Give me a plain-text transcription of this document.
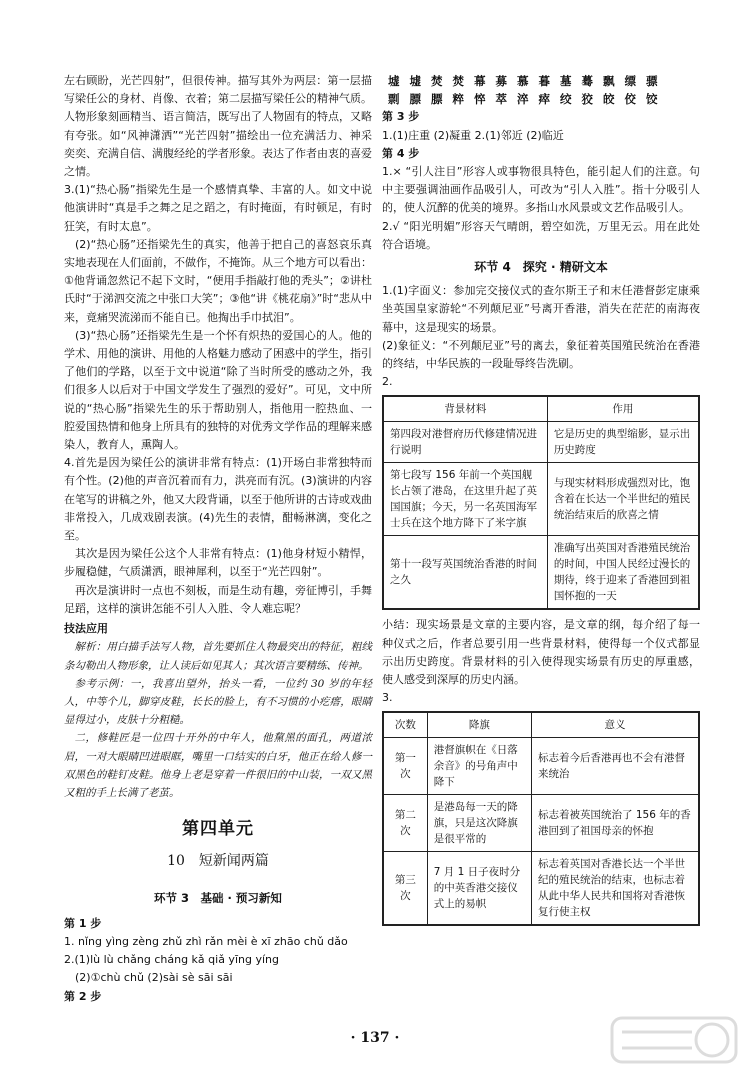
左右顾盼，光芒四射”，但很传神。描写其外为两层：第一层描写梁任公的身材、肖像、衣着；第二层描写梁任公的精神气质。人物形象刻画精当、语言简洁，既写出了人物固有的特点，又略有夸张。如“风神潇洒”“光芒四射”描绘出一位充满活力、神采奕奕、充满自信、满腹经纶的学者形象。表达了作者由衷的喜爱之情。

3.(1)“热心肠”指梁先生是一个感情真挚、丰富的人。如文中说他演讲时“真是手之舞之足之蹈之，有时掩面，有时顿足，有时狂笑，有时太息”。

(2)“热心肠”还指梁先生的真实，他善于把自己的喜怒哀乐真实地表现在人们面前，不做作，不掩饰。从三个地方可以看出：①他背诵忽然记不起下文时，“便用手指敲打他的秃头”；②讲杜氏时“于涕泗交流之中张口大笑”；③他“讲《桃花扇》”时“悲从中来，竟痛哭流涕而不能自已。他掏出手巾拭泪”。

(3)“热心肠”还指梁先生是一个怀有炽热的爱国心的人。他的学术、用他的演讲、用他的人格魅力感动了困惑中的学生，指引了他们的学路，以至于文中说道“除了当时所受的感动之外，我们很多人以后对于中国文学发生了强烈的爱好”。可见，文中所说的“热心肠”指梁先生的乐于帮助别人，指他用一腔热血、一腔爱国热情和他身上所具有的独特的对优秀文学作品的理解来感染人，教育人，熏陶人。

4.首先是因为梁任公的演讲非常有特点：(1)开场白非常独特而有个性。(2)他的声音沉着而有力，洪亮而有沉。(3)演讲的内容在笔写的讲稿之外，他又大段背诵，以至于他所讲的古诗或戏曲非常投入，几成戏剧表演。(4)先生的表情，酣畅淋漓，变化之至。

其次是因为梁任公这个人非常有特点：(1)他身材短小精悍，步履稳健，气质潇洒，眼神犀利，以至于“光芒四射”。

再次是演讲时一点也不刻板，而是生动有趣，旁征博引，手舞足蹈，这样的演讲怎能不引人入胜、令人难忘呢？

技法应用

解析：用白描手法写人物，首先要抓住人物最突出的特征，粗线条勾勒出人物形象，让人读后如见其人；其次语言要精练、传神。

参考示例：一，我喜出望外，抬头一看，一位约 30 岁的年轻人，中等个儿，脚穿皮鞋，长长的脸上，有不习惯的小疙瘩，眼睛显得过小，皮肤十分粗糙。

二，修鞋匠是一位四十开外的中年人，他黧黑的面孔，两道浓眉，一对大眼睛凹进眼眶，嘴里一口结实的白牙，他正在给人修一双黑色的鞋钉皮鞋。他身上老是穿着一件很旧的中山装，一双又黑又粗的手上长满了老茧。

第四单元
10　短新闻两篇
环节 3　基础 · 预习新知

第 1 步

1. nǐng yìng zèng zhǔ zhì rǎn mèi è xī zhāo chǔ dǎo

2.(1)lù lù chǎng cháng kǎ qiǎ yīng yíng

(2)①chù chǔ (2)sài sè sāi sāi

第 2 步

墟 墟 焚 焚 幕 募 慕 暮 墓 蓦 飘 缥 骠

剽 膘 膘 粹 悴 萃 淬 瘁 绞 狡 皎 佼 饺

第 3 步

1.(1)庄重 (2)凝重 2.(1)邻近 (2)临近

第 4 步

1.× “引人注目”形容人或事物很具特色，能引起人们的注意。句中主要强调油画作品吸引人，可改为“引人入胜”。指十分吸引人的，使人沉醉的优美的境界。多指山水风景或文艺作品吸引人。

2.√ “阳光明媚”形容天气晴朗，碧空如洗，万里无云。用在此处符合语境。

环节 4　探究 · 精研文本

1.(1)字面义：参加完交接仪式的查尔斯王子和末任港督彭定康乘坐英国皇家游轮“不列颠尼亚”号离开香港，消失在茫茫的南海夜幕中，这是现实的场景。

(2)象征义：“不列颠尼亚”号的离去，象征着英国殖民统治在香港的终结，中华民族的一段耻辱终告洗刷。

2.

背景材料	作用
第四段对港督府历代修建情况进行说明	它是历史的典型缩影，显示出历史跨度
第七段写 156 年前一个英国舰长占领了港岛，在这里升起了英国国旗；今天，另一名英国海军士兵在这个地方降下了米字旗	与现实材料形成强烈对比，饱含着在长达一个半世纪的殖民统治结束后的欣喜之情
第十一段写英国统治香港的时间之久	准确写出英国对香港殖民统治的时间，中国人民经过漫长的期待，终于迎来了香港回到祖国怀抱的一天

小结：现实场景是文章的主要内容，是文章的纲，每介绍了每一种仪式之后，作者总要引用一些背景材料，使得每一个仪式都显示出历史跨度。背景材料的引入使得现实场景有历史的厚重感，使人感受到深厚的历史内涵。

3.

次数	降旗	意义
第一次	港督旗帜在《日落余音》的号角声中降下	标志着今后香港再也不会有港督来统治
第二次	是港岛每一天的降旗，只是这次降旗是很平常的	标志着被英国统治了 156 年的香港回到了祖国母亲的怀抱
第三次	7 月 1 日子夜时分的中英香港交接仪式上的易帜	标志着英国对香港长达一个半世纪的殖民统治的结束，也标志着从此中华人民共和国将对香港恢复行使主权
· 137 ·
